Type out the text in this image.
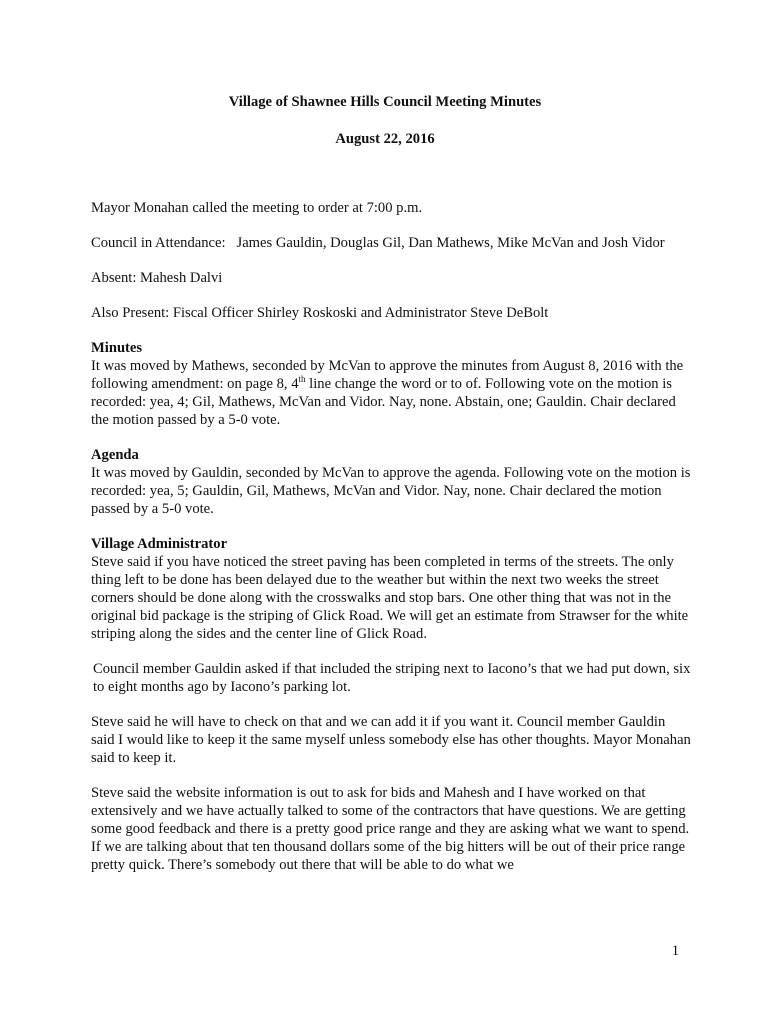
Village of Shawnee Hills Council Meeting Minutes
August 22, 2016

Mayor Monahan called the meeting to order at 7:00 p.m.

Council in Attendance: James Gauldin, Douglas Gil, Dan Mathews, Mike McVan and Josh Vidor

Absent: Mahesh Dalvi

Also Present: Fiscal Officer Shirley Roskoski and Administrator Steve DeBolt

Minutes

It was moved by Mathews, seconded by McVan to approve the minutes from August 8, 2016 with the following amendment: on page 8, 4th line change the word or to of. Following vote on the motion is recorded: yea, 4; Gil, Mathews, McVan and Vidor. Nay, none. Abstain, one; Gauldin. Chair declared the motion passed by a 5-0 vote.

Agenda

It was moved by Gauldin, seconded by McVan to approve the agenda. Following vote on the motion is recorded: yea, 5; Gauldin, Gil, Mathews, McVan and Vidor. Nay, none. Chair declared the motion passed by a 5-0 vote.

Village Administrator

Steve said if you have noticed the street paving has been completed in terms of the streets. The only thing left to be done has been delayed due to the weather but within the next two weeks the street corners should be done along with the crosswalks and stop bars. One other thing that was not in the original bid package is the striping of Glick Road. We will get an estimate from Strawser for the white striping along the sides and the center line of Glick Road.

Council member Gauldin asked if that included the striping next to Iacono’s that we had put down, six to eight months ago by Iacono’s parking lot.

Steve said he will have to check on that and we can add it if you want it. Council member Gauldin said I would like to keep it the same myself unless somebody else has other thoughts. Mayor Monahan said to keep it.

Steve said the website information is out to ask for bids and Mahesh and I have worked on that extensively and we have actually talked to some of the contractors that have questions. We are getting some good feedback and there is a pretty good price range and they are asking what we want to spend. If we are talking about that ten thousand dollars some of the big hitters will be out of their price range pretty quick. There’s somebody out there that will be able to do what we

1
